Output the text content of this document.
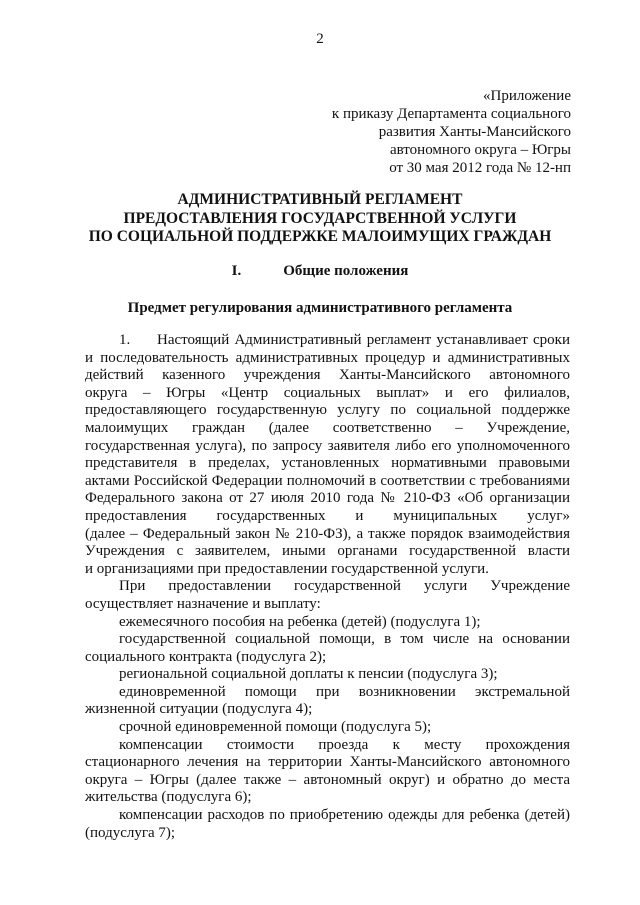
2
«Приложение
к приказу Департамента социального
развития Ханты-Мансийского
автономного округа – Югры
от 30 мая 2012 года № 12-нп
АДМИНИСТРАТИВНЫЙ РЕГЛАМЕНТ
ПРЕДОСТАВЛЕНИЯ ГОСУДАРСТВЕННОЙ УСЛУГИ
ПО СОЦИАЛЬНОЙ ПОДДЕРЖКЕ МАЛОИМУЩИХ ГРАЖДАН
I.	Общие положения
Предмет регулирования административного регламента

1. Настоящий Административный регламент устанавливает сроки

и последовательность административных процедур и административных

действий казенного учреждения Ханты-Мансийского автономного

округа – Югры «Центр социальных выплат» и его филиалов,

предоставляющего государственную услугу по социальной поддержке

малоимущих граждан (далее соответственно – Учреждение,

государственная услуга), по запросу заявителя либо его уполномоченного

представителя в пределах, установленных нормативными правовыми

актами Российской Федерации полномочий в соответствии с требованиями

Федерального закона от 27 июля 2010 года № 210-ФЗ «Об организации

предоставления государственных и муниципальных услуг»

(далее – Федеральный закон № 210-ФЗ), а также порядок взаимодействия

Учреждения с заявителем, иными органами государственной власти

и организациями при предоставлении государственной услуги.

При предоставлении государственной услуги Учреждение

осуществляет назначение и выплату:

ежемесячного пособия на ребенка (детей) (подуслуга 1);

государственной социальной помощи, в том числе на основании

социального контракта (подуслуга 2);

региональной социальной доплаты к пенсии (подуслуга 3);

единовременной помощи при возникновении экстремальной

жизненной ситуации (подуслуга 4);

срочной единовременной помощи (подуслуга 5);

компенсации стоимости проезда к месту прохождения

стационарного лечения на территории Ханты-Мансийского автономного

округа – Югры (далее также – автономный округ) и обратно до места

жительства (подуслуга 6);

компенсации расходов по приобретению одежды для ребенка (детей)

(подуслуга 7);
